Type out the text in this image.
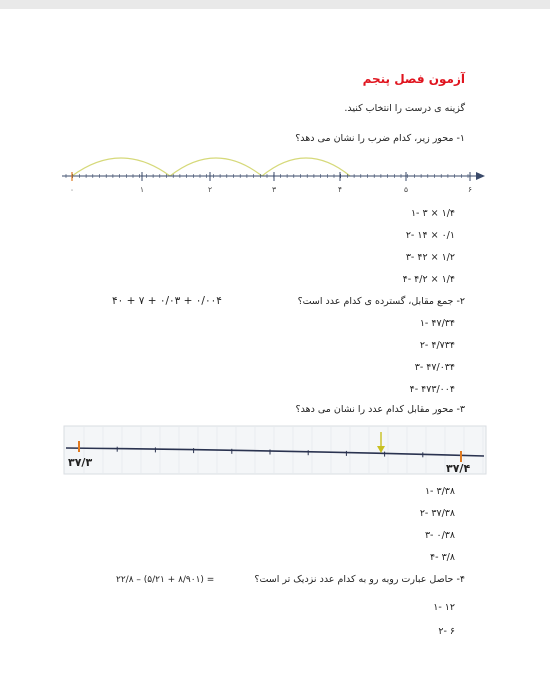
آزمون فصل پنجم
گزینه ی درست را انتخاب کنید.
۱- محور زیر، کدام ضرب را نشان می دهد؟
۰	۱	۲	۳	۴	۵	۶
۱- ۳ × ۱/۴
۲- ۱۴ × ۰/۱
۳- ۴۲ × ۱/۲
۴- ۴/۲ × ۱/۴
۲- جمع مقابل، گسترده ی کدام عدد است؟
۴۰ + ۷ + ۰/۰۳ + ۰/۰۰۴
۱- ۴۷/۳۴
۲- ۴/۷۳۴
۳- ۴۷/۰۳۴
۴- ۴۷۳/۰۰۴
۳- محور مقابل کدام عدد را نشان می دهد؟
۳۷/۳	۳۷/۴
۱- ۳/۳۸
۲- ۳۷/۳۸
۳- ۰/۳۸
۴- ۳/۸
۴- حاصل عبارت روبه رو به کدام عدد نزدیک تر است؟
۲۲/۸ – (۵/۲۱ + ۸/۹۰۱) =
۱- ۱۲
۲- ۶
